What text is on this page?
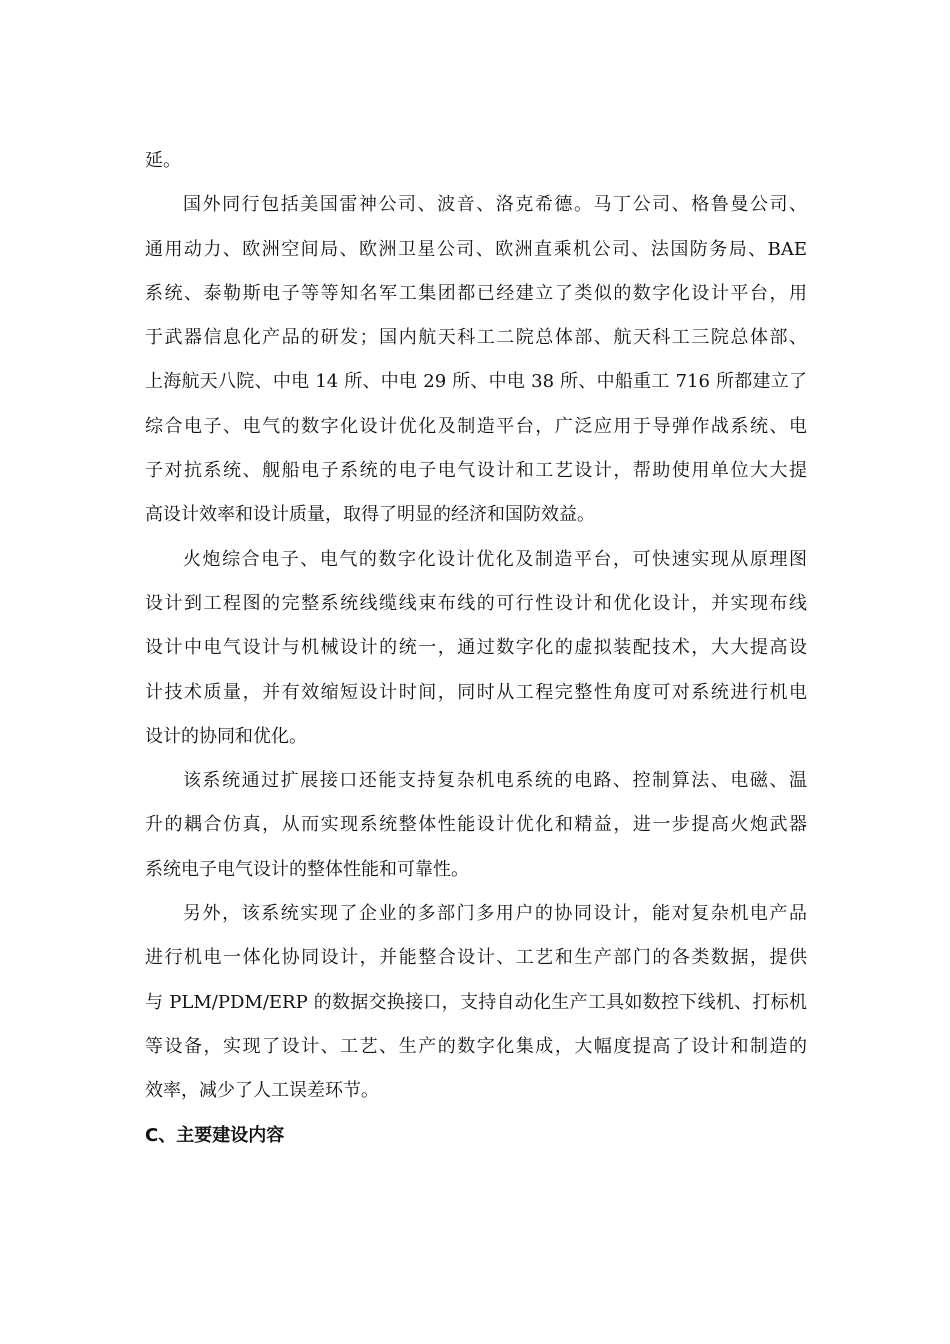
延。
国外同行包括美国雷神公司、波音、洛克希德。马丁公司、格鲁曼公司、
通用动力、欧洲空间局、欧洲卫星公司、欧洲直乘机公司、法国防务局、BAE
系统、泰勒斯电子等等知名军工集团都已经建立了类似的数字化设计平台，用
于武器信息化产品的研发；国内航天科工二院总体部、航天科工三院总体部、
上海航天八院、中电 14 所、中电 29 所、中电 38 所、中船重工 716 所都建立了
综合电子、电气的数字化设计优化及制造平台，广泛应用于导弹作战系统、电
子对抗系统、舰船电子系统的电子电气设计和工艺设计，帮助使用单位大大提
高设计效率和设计质量，取得了明显的经济和国防效益。
火炮综合电子、电气的数字化设计优化及制造平台，可快速实现从原理图
设计到工程图的完整系统线缆线束布线的可行性设计和优化设计，并实现布线
设计中电气设计与机械设计的统一，通过数字化的虚拟装配技术，大大提高设
计技术质量，并有效缩短设计时间，同时从工程完整性角度可对系统进行机电
设计的协同和优化。
该系统通过扩展接口还能支持复杂机电系统的电路、控制算法、电磁、温
升的耦合仿真，从而实现系统整体性能设计优化和精益，进一步提高火炮武器
系统电子电气设计的整体性能和可靠性。
另外，该系统实现了企业的多部门多用户的协同设计，能对复杂机电产品
进行机电一体化协同设计，并能整合设计、工艺和生产部门的各类数据，提供
与 PLM/PDM/ERP 的数据交换接口，支持自动化生产工具如数控下线机、打标机
等设备，实现了设计、工艺、生产的数字化集成，大幅度提高了设计和制造的
效率，减少了人工误差环节。
C、主要建设内容
